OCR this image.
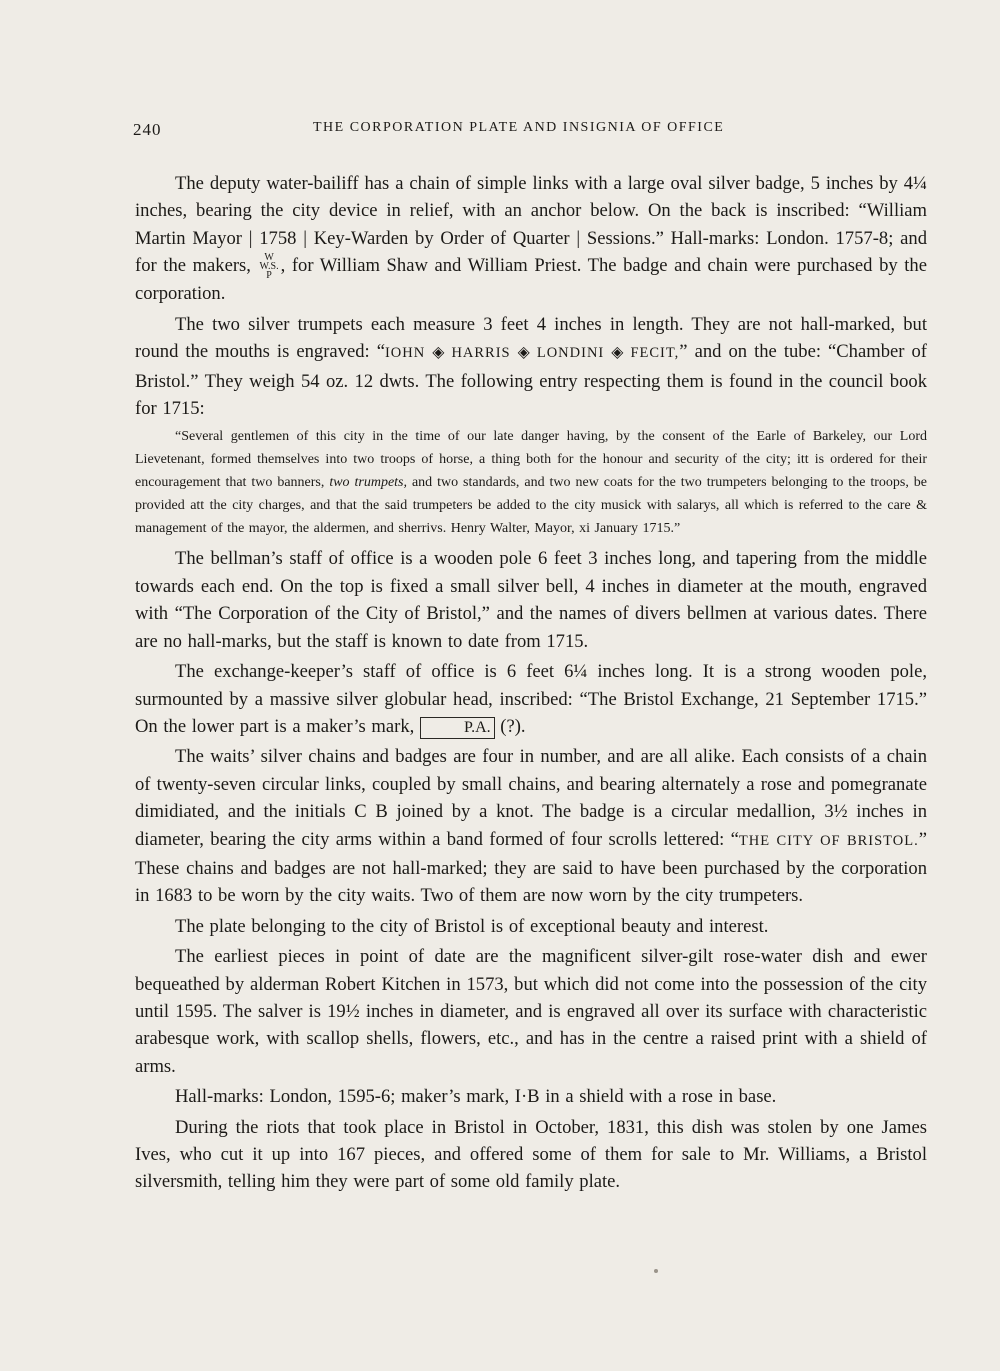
240	THE CORPORATION PLATE AND INSIGNIA OF OFFICE

The deputy water-bailiff has a chain of simple links with a large oval silver badge, 5 inches by 4¼ inches, bearing the city device in relief, with an anchor below. On the back is inscribed: “William Martin Mayor | 1758 | Key-Warden by Order of Quarter | Sessions.” Hall-marks: London. 1757-8; and for the makers, W
W.S.
P , for William Shaw and William Priest. The badge and chain were purchased by the corporation.

The two silver trumpets each measure 3 feet 4 inches in length. They are not hall-marked, but round the mouths is engraved: “IOHN ◈ HARRIS ◈ LONDINI ◈ FECIT,” and on the tube: “Chamber of Bristol.” They weigh 54 oz. 12 dwts. The following entry respecting them is found in the council book for 1715:

“Several gentlemen of this city in the time of our late danger having, by the consent of the Earle of Barkeley, our Lord Lievetenant, formed themselves into two troops of horse, a thing both for the honour and security of the city; itt is ordered for their encouragement that two banners, two trumpets, and two standards, and two new coats for the two trumpeters belonging to the troops, be provided att the city charges, and that the said trumpeters be added to the city musick with salarys, all which is referred to the care & management of the mayor, the aldermen, and sherrivs. Henry Walter, Mayor, xi January 1715.”

The bellman’s staff of office is a wooden pole 6 feet 3 inches long, and tapering from the middle towards each end. On the top is fixed a small silver bell, 4 inches in diameter at the mouth, engraved with “The Corporation of the City of Bristol,” and the names of divers bellmen at various dates. There are no hall-marks, but the staff is known to date from 1715.

The exchange-keeper’s staff of office is 6 feet 6¼ inches long. It is a strong wooden pole, surmounted by a massive silver globular head, inscribed: “The Bristol Exchange, 21 September 1715.” On the lower part is a maker’s mark,	P.A. (?).

The waits’ silver chains and badges are four in number, and are all alike. Each consists of a chain of twenty-seven circular links, coupled by small chains, and bearing alternately a rose and pomegranate dimidiated, and the initials C B joined by a knot. The badge is a circular medallion, 3½ inches in diameter, bearing the city arms within a band formed of four scrolls lettered: “THE CITY OF BRISTOL.” These chains and badges are not hall-marked; they are said to have been purchased by the corporation in 1683 to be worn by the city waits. Two of them are now worn by the city trumpeters.

The plate belonging to the city of Bristol is of exceptional beauty and interest.

The earliest pieces in point of date are the magnificent silver-gilt rose-water dish and ewer bequeathed by alderman Robert Kitchen in 1573, but which did not come into the possession of the city until 1595. The salver is 19½ inches in diameter, and is engraved all over its surface with characteristic arabesque work, with scallop shells, flowers, etc., and has in the centre a raised print with a shield of arms.

Hall-marks: London, 1595-6; maker’s mark, I·B in a shield with a rose in base.

During the riots that took place in Bristol in October, 1831, this dish was stolen by one James Ives, who cut it up into 167 pieces, and offered some of them for sale to Mr. Williams, a Bristol silversmith, telling him they were part of some old family plate.
